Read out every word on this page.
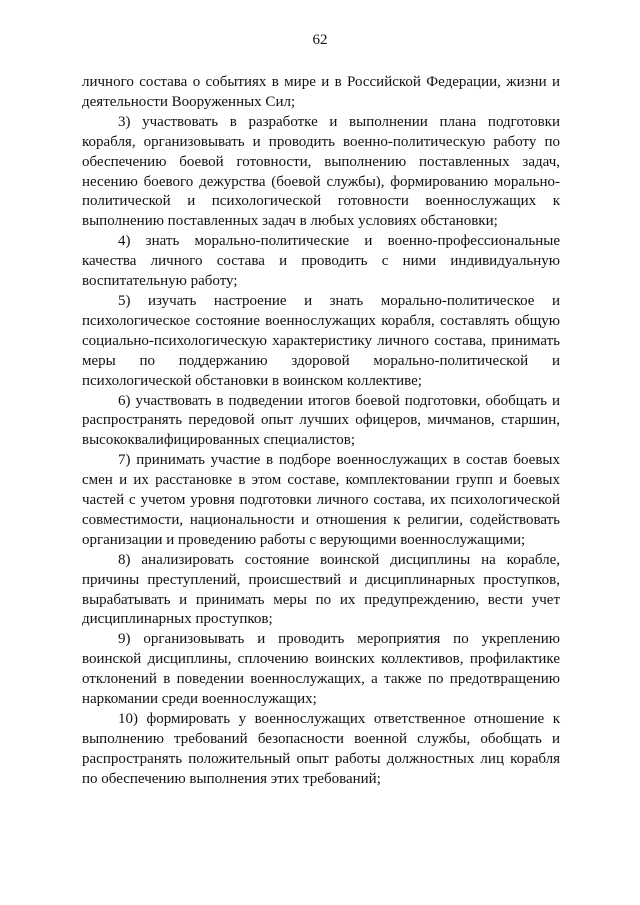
62

личного состава о событиях в мире и в Российской Федерации, жизни и деятельности Вооруженных Сил;

3) участвовать в разработке и выполнении плана подготовки корабля, организовывать и проводить военно-политическую работу по обеспечению боевой готовности, выполнению поставленных задач, несению боевого дежурства (боевой службы), формированию морально-политической и психологической готовности военнослужащих к выполнению поставленных задач в любых условиях обстановки;

4) знать морально-политические и военно-профессиональные качества личного состава и проводить с ними индивидуальную воспитательную работу;

5) изучать настроение и знать морально-политическое и психологическое состояние военнослужащих корабля, составлять общую социально-психологическую характеристику личного состава, принимать меры по поддержанию здоровой морально-политической и психологической обстановки в воинском коллективе;

6) участвовать в подведении итогов боевой подготовки, обобщать и распространять передовой опыт лучших офицеров, мичманов, старшин, высококвалифицированных специалистов;

7) принимать участие в подборе военнослужащих в состав боевых смен и их расстановке в этом составе, комплектовании групп и боевых частей с учетом уровня подготовки личного состава, их психологической совместимости, национальности и отношения к религии, содействовать организации и проведению работы с верующими военнослужащими;

8) анализировать состояние воинской дисциплины на корабле, причины преступлений, происшествий и дисциплинарных проступков, вырабатывать и принимать меры по их предупреждению, вести учет дисциплинарных проступков;

9) организовывать и проводить мероприятия по укреплению воинской дисциплины, сплочению воинских коллективов, профилактике отклонений в поведении военнослужащих, а также по предотвращению наркомании среди военнослужащих;

10) формировать у военнослужащих ответственное отношение к выполнению требований безопасности военной службы, обобщать и распространять положительный опыт работы должностных лиц корабля по обеспечению выполнения этих требований;
